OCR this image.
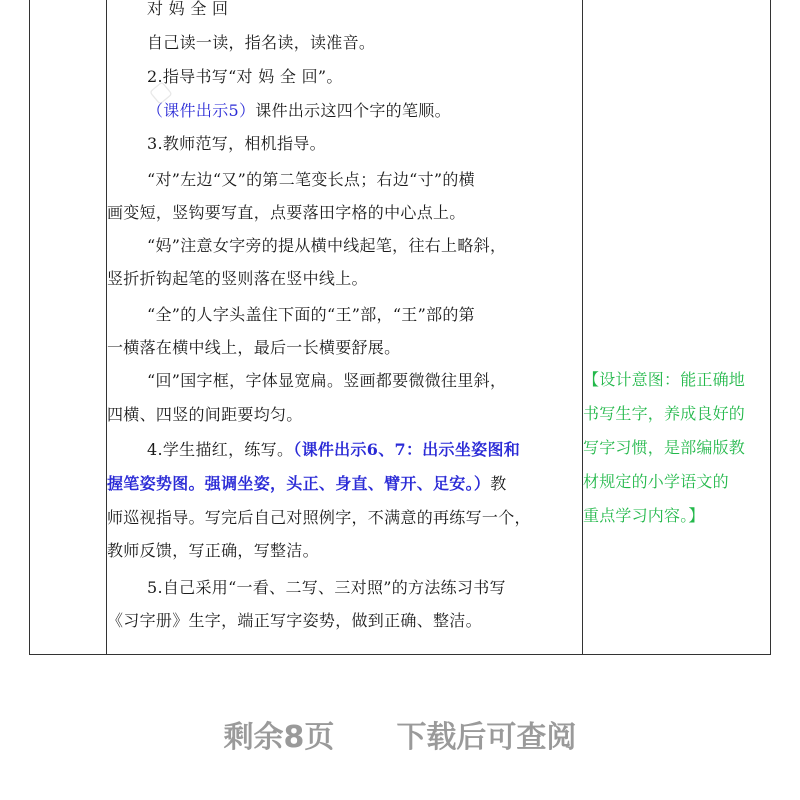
对 妈 全 回
自己读一读，指名读，读准音。
2.指导书写“对 妈 全 回”。
（课件出示5）课件出示这四个字的笔顺。
3.教师范写，相机指导。
“对”左边“又”的第二笔变长点；右边“寸”的横
画变短，竖钩要写直，点要落田字格的中心点上。
“妈”注意女字旁的提从横中线起笔，往右上略斜，
竖折折钩起笔的竖则落在竖中线上。
“全”的人字头盖住下面的“王”部，“王”部的第
一横落在横中线上，最后一长横要舒展。
“回”国字框，字体显宽扁。竖画都要微微往里斜，
四横、四竖的间距要均匀。
4.学生描红，练写。（课件出示6、7：出示坐姿图和
握笔姿势图。强调坐姿，头正、身直、臂开、足安。）教
师巡视指导。写完后自己对照例字，不满意的再练写一个，
教师反馈，写正确，写整洁。
5.自己采用“一看、二写、三对照”的方法练习书写
《习字册》生字，端正写字姿势，做到正确、整洁。
【设计意图：能正确地
书写生字，养成良好的
写字习惯，是部编版教
材规定的小学语文的
重点学习内容。】
▢
剩余8页 下载后可查阅
